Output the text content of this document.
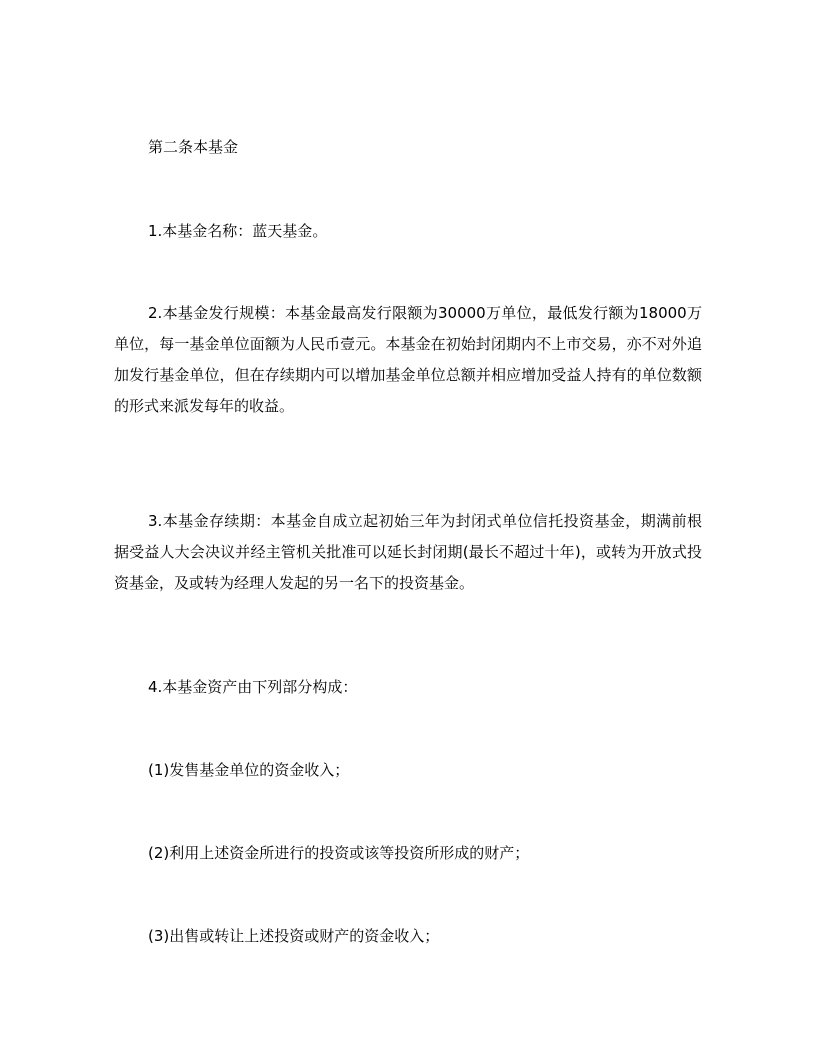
第二条本基金

1.本基金名称：蓝天基金。

2.本基金发行规模：本基金最高发行限额为30000万单位，最低发行额为18000万单位，每一基金单位面额为人民币壹元。本基金在初始封闭期内不上市交易，亦不对外追加发行基金单位，但在存续期内可以增加基金单位总额并相应增加受益人持有的单位数额的形式来派发每年的收益。

3.本基金存续期：本基金自成立起初始三年为封闭式单位信托投资基金，期满前根据受益人大会决议并经主管机关批准可以延长封闭期(最长不超过十年)，或转为开放式投资基金，及或转为经理人发起的另一名下的投资基金。

4.本基金资产由下列部分构成：

(1)发售基金单位的资金收入；

(2)利用上述资金所进行的投资或该等投资所形成的财产；

(3)出售或转让上述投资或财产的资金收入；
